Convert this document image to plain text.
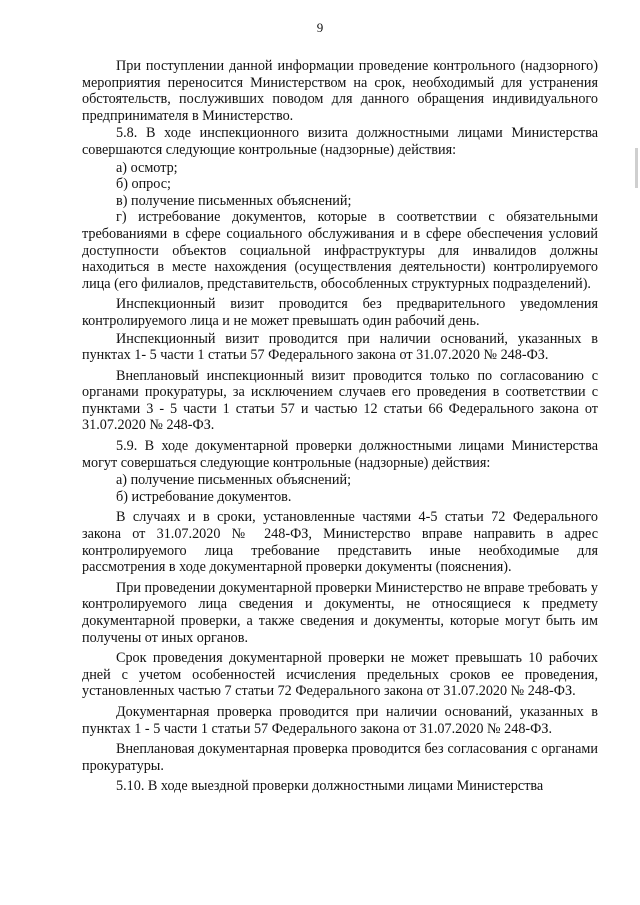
9

При поступлении данной информации проведение контрольного (надзорного) мероприятия переносится Министерством на срок, необходимый для устранения обстоятельств, послуживших поводом для данного обращения индивидуального предпринимателя в Министерство.

5.8. В ходе инспекционного визита должностными лицами Министерства совершаются следующие контрольные (надзорные) действия:

а) осмотр;

б) опрос;

в) получение письменных объяснений;

г) истребование документов, которые в соответствии с обязательными требованиями в сфере социального обслуживания и в сфере обеспечения условий доступности объектов социальной инфраструктуры для инвалидов должны находиться в месте нахождения (осуществления деятельности) контролируемого лица (его филиалов, представительств, обособленных структурных подразделений).

Инспекционный визит проводится без предварительного уведомления контролируемого лица и не может превышать один рабочий день.

Инспекционный визит проводится при наличии оснований, указанных в пунктах 1- 5 части 1 статьи 57 Федерального закона от 31.07.2020 № 248-ФЗ.

Внеплановый инспекционный визит проводится только по согласованию с органами прокуратуры, за исключением случаев его проведения в соответствии с пунктами 3 - 5 части 1 статьи 57 и частью 12 статьи 66 Федерального закона от 31.07.2020 № 248-ФЗ.

5.9. В ходе документарной проверки должностными лицами Министерства могут совершаться следующие контрольные (надзорные) действия:

а) получение письменных объяснений;

б) истребование документов.

В случаях и в сроки, установленные частями 4-5 статьи 72 Федерального закона от 31.07.2020 № 248-ФЗ, Министерство вправе направить в адрес контролируемого лица требование представить иные необходимые для рассмотрения в ходе документарной проверки документы (пояснения).

При проведении документарной проверки Министерство не вправе требовать у контролируемого лица сведения и документы, не относящиеся к предмету документарной проверки, а также сведения и документы, которые могут быть им получены от иных органов.

Срок проведения документарной проверки не может превышать 10 рабочих дней с учетом особенностей исчисления предельных сроков ее проведения, установленных частью 7 статьи 72 Федерального закона от 31.07.2020 № 248-ФЗ.

Документарная проверка проводится при наличии оснований, указанных в пунктах 1 - 5 части 1 статьи 57 Федерального закона от 31.07.2020 № 248-ФЗ.

Внеплановая документарная проверка проводится без согласования с органами прокуратуры.

5.10. В ходе выездной проверки должностными лицами Министерства
